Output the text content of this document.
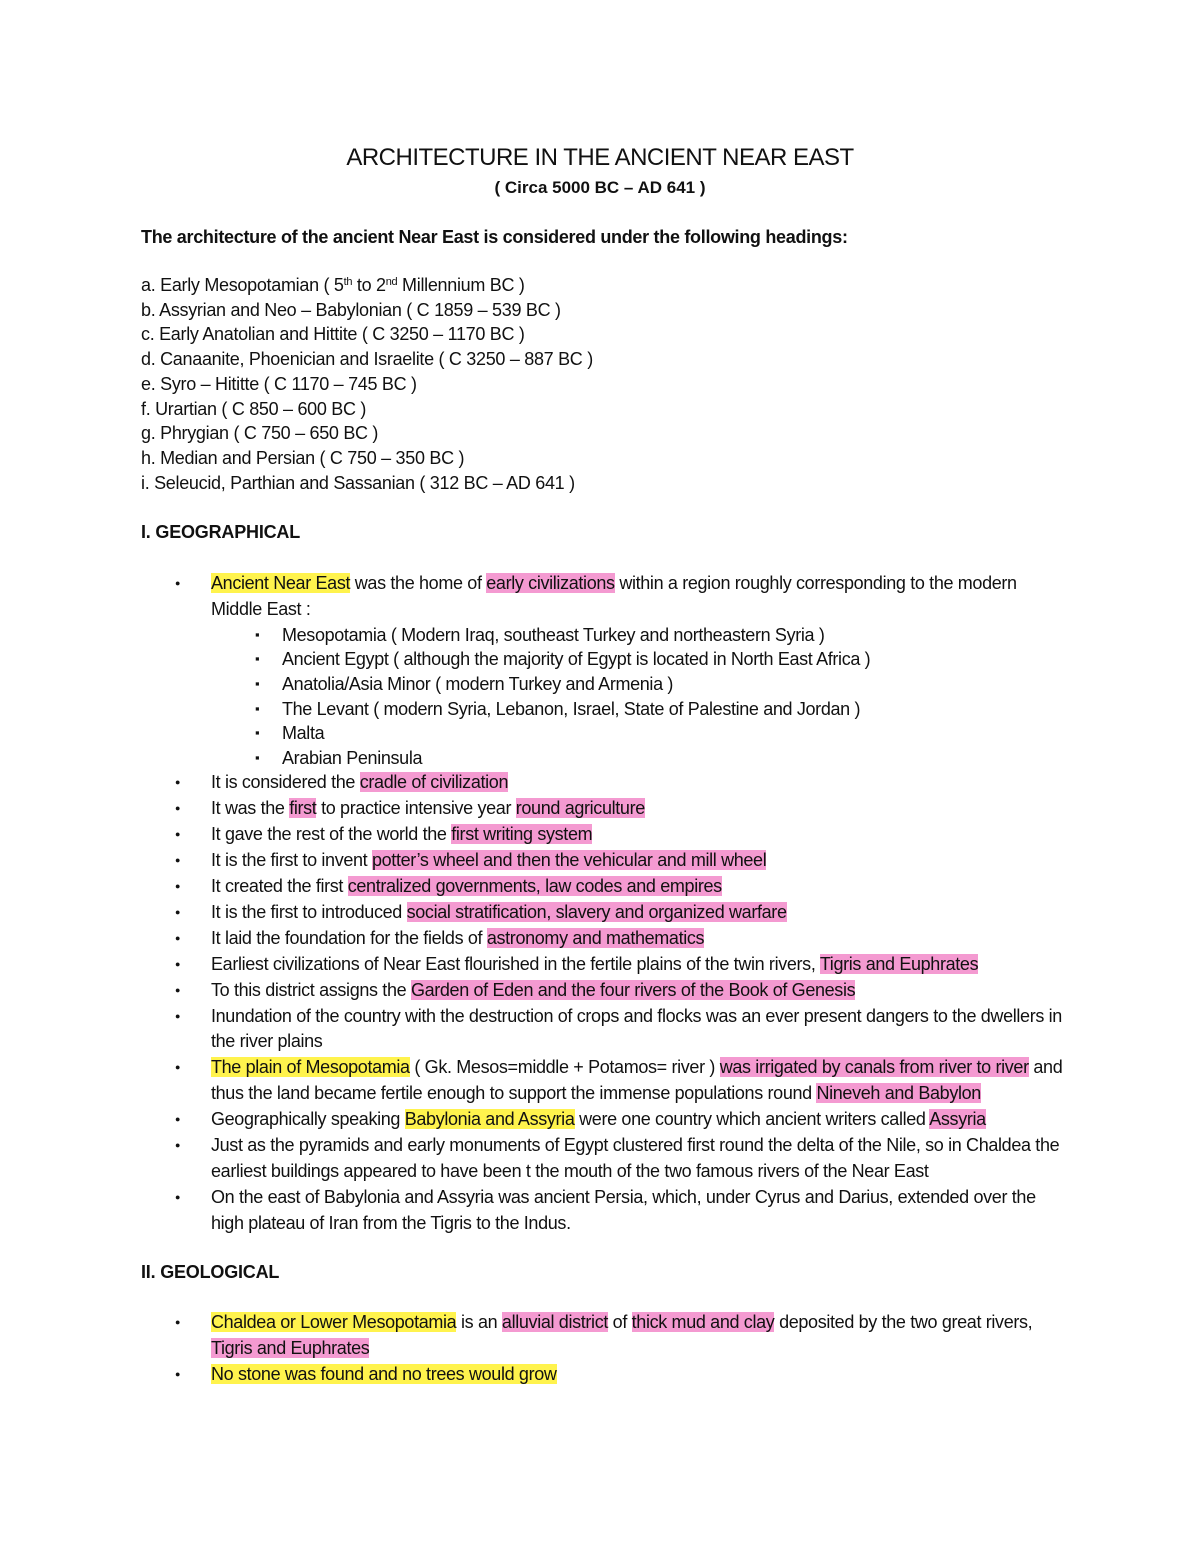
ARCHITECTURE IN THE ANCIENT NEAR EAST
( Circa 5000 BC – AD 641 )
The architecture of the ancient Near East is considered under the following headings:
a. Early Mesopotamian ( 5th to 2nd Millennium BC )
b. Assyrian and Neo – Babylonian ( C 1859 – 539 BC )
c. Early Anatolian and Hittite ( C 3250 – 1170 BC )
d. Canaanite, Phoenician and Israelite ( C 3250 – 887 BC )
e. Syro – Hititte ( C 1170 – 745 BC )
f. Urartian ( C 850 – 600 BC )
g. Phrygian ( C 750 – 650 BC )
h. Median and Persian ( C 750 – 350 BC )
i. Seleucid, Parthian and Sassanian ( 312 BC – AD 641 )
I. GEOGRAPHICAL
● Ancient Near East was the home of early civilizations within a region roughly corresponding to the modern Middle East :
▪ Mesopotamia ( Modern Iraq, southeast Turkey and northeastern Syria )
▪ Ancient Egypt ( although the majority of Egypt is located in North East Africa )
▪ Anatolia/Asia Minor ( modern Turkey and Armenia )
▪ The Levant ( modern Syria, Lebanon, Israel, State of Palestine and Jordan )
▪ Malta
▪ Arabian Peninsula
● It is considered the cradle of civilization
● It was the first to practice intensive year round agriculture
● It gave the rest of the world the first writing system
● It is the first to invent potter’s wheel and then the vehicular and mill wheel
● It created the first centralized governments, law codes and empires
● It is the first to introduced social stratification, slavery and organized warfare
● It laid the foundation for the fields of astronomy and mathematics
● Earliest civilizations of Near East flourished in the fertile plains of the twin rivers, Tigris and Euphrates
● To this district assigns the Garden of Eden and the four rivers of the Book of Genesis
● Inundation of the country with the destruction of crops and flocks was an ever present dangers to the dwellers in the river plains
● The plain of Mesopotamia ( Gk. Mesos=middle + Potamos= river ) was irrigated by canals from river to river and thus the land became fertile enough to support the immense populations round Nineveh and Babylon
● Geographically speaking Babylonia and Assyria were one country which ancient writers called Assyria
● Just as the pyramids and early monuments of Egypt clustered first round the delta of the Nile, so in Chaldea the earliest buildings appeared to have been t the mouth of the two famous rivers of the Near East
● On the east of Babylonia and Assyria was ancient Persia, which, under Cyrus and Darius, extended over the high plateau of Iran from the Tigris to the Indus.
II. GEOLOGICAL
● Chaldea or Lower Mesopotamia is an alluvial district of thick mud and clay deposited by the two great rivers, Tigris and Euphrates
● No stone was found and no trees would grow
